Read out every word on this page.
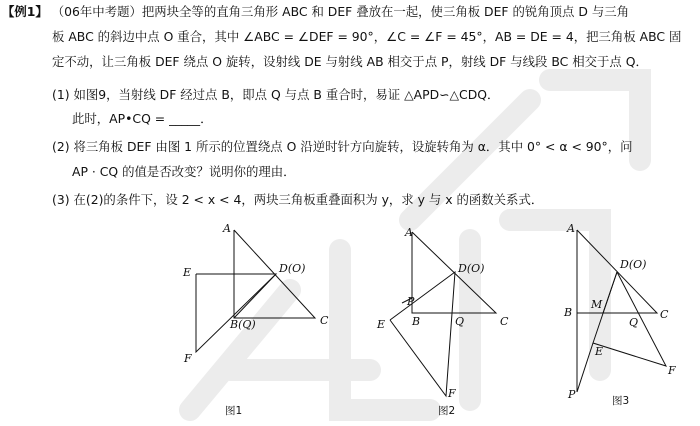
【例1】 （06年中考题）把两块全等的直角三角形 ABC 和 DEF 叠放在一起，使三角板 DEF 的锐角顶点 D 与三角
板 ABC 的斜边中点 O 重合，其中 ∠ABC = ∠DEF = 90°，∠C = ∠F = 45°，AB = DE = 4，把三角板 ABC 固
定不动，让三角板 DEF 绕点 O 旋转，设射线 DE 与射线 AB 相交于点 P，射线 DF 与线段 BC 相交于点 Q．
(1) 如图9，当射线 DF 经过点 B，即点 Q 与点 B 重合时，易证 △APD∽△CDQ．
此时，AP•CQ = _____．
(2) 将三角板 DEF 由图 1 所示的位置绕点 O 沿逆时针方向旋转，设旋转角为 α．其中 0° < α < 90°，问
AP · CQ 的值是否改变？说明你的理由．
(3) 在(2)的条件下，设 2 < x < 4，两块三角板重叠面积为 y，求 y 与 x 的函数关系式．
A
E	D(O)
B(Q)	C
F
图1
A
D(O)
P
E B	Q	C
F
图2
A
D(O)
M
B
Q
C
E
F
P	图3
